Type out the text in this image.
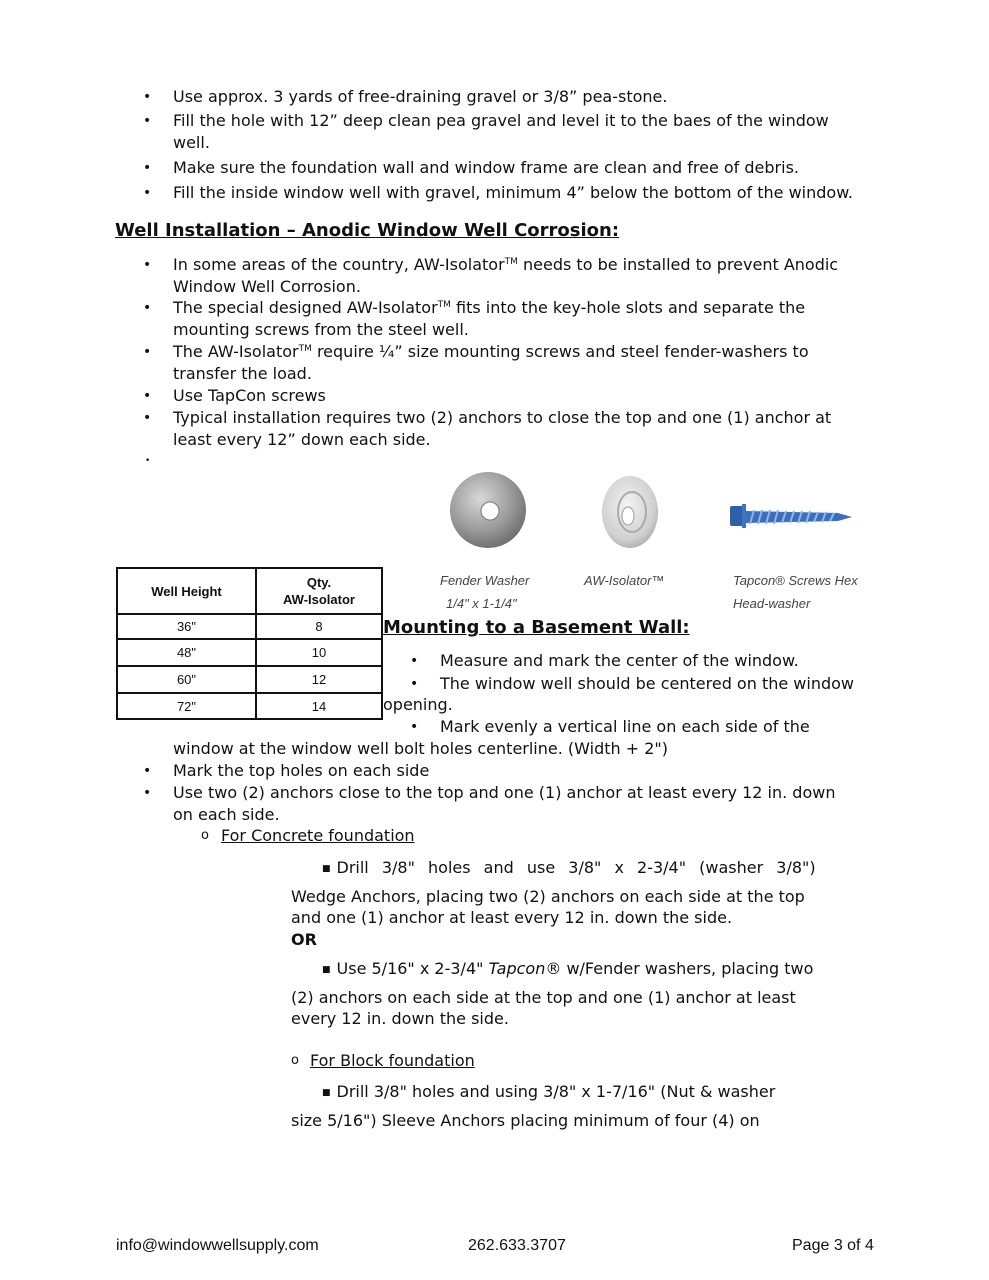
• Use approx. 3 yards of free-draining gravel or 3/8” pea-stone.
• Fill the hole with 12” deep clean pea gravel and level it to the baes of the window
well.
• Make sure the foundation wall and window frame are clean and free of debris.
• Fill the inside window well with gravel, minimum 4” below the bottom of the window.
Well Installation – Anodic Window Well Corrosion:
• In some areas of the country, AW-Isolator™ needs to be installed to prevent Anodic
Window Well Corrosion.
• The special designed AW-Isolator™ fits into the key-hole slots and separate the
mounting screws from the steel well.
• The AW-Isolator™ require ¼” size mounting screws and steel fender-washers to
transfer the load.
• Use TapCon screws
• Typical installation requires two (2) anchors to close the top and one (1) anchor at
least every 12” down each side.
•
Fender Washer
1/4" x 1-1/4"
AW-Isolator™	Tapcon® Screws Hex
Head-washer
Well Height	Qty.
AW-Isolator

36"	8
48"	10
60"	12
72"	14
Mounting to a Basement Wall:
• Measure and mark the center of the window.
• The window well should be centered on the window
opening.
• Mark evenly a vertical line on each side of the
window at the window well bolt holes centerline. (Width + 2")
• Mark the top holes on each side
• Use two (2) anchors close to the top and one (1) anchor at least every 12 in. down
on each side.
o For Concrete foundation
■ Drill 3/8" holes and use 3/8" x 2-3/4" (washer 3/8")
Wedge Anchors, placing two (2) anchors on each side at the top
and one (1) anchor at least every 12 in. down the side.
OR
■ Use 5/16" x 2-3/4" Tapcon® w/Fender washers, placing two
(2) anchors on each side at the top and one (1) anchor at least
every 12 in. down the side.
o For Block foundation
■ Drill 3/8" holes and using 3/8" x 1-7/16" (Nut & washer
size 5/16") Sleeve Anchors placing minimum of four (4) on
info@windowwellsupply.com	262.633.3707	Page 3 of 4
